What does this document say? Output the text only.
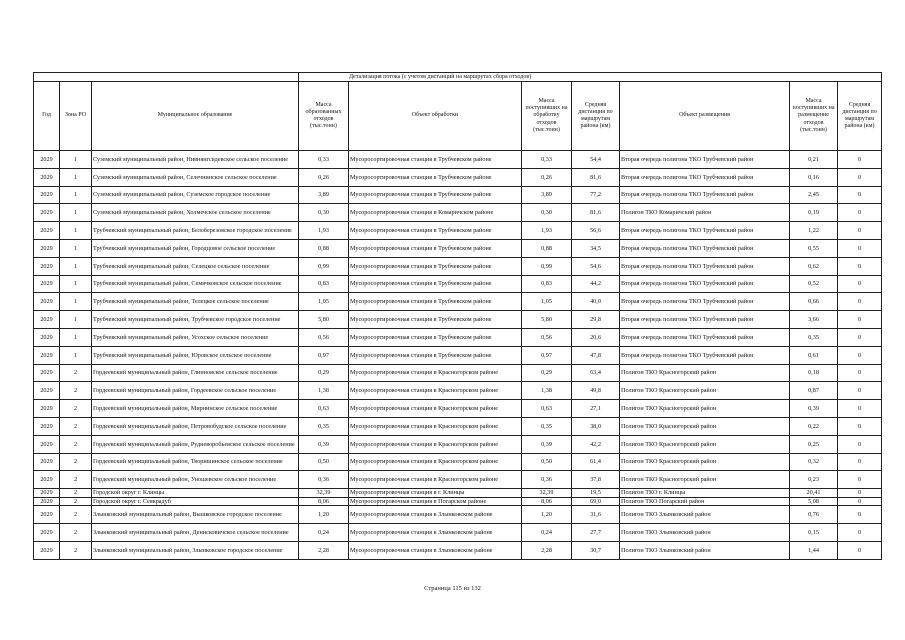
			Детализация потока (с учетом дистанций на маршрутах сбора отходов)						
Год	Зона РО	Муниципальное образование	Масса образованных отходов (тыс.тонн)	Объект обработки	Масса поступивших на обработку отходов (тыс.тонн)	Средняя дистанция по маршрутам района (км)	Объект размещения	Масса поступивших на размещение отходов (тыс.тонн)	Средняя дистанция по маршрутам района (км)
2029	1	Суземский муниципальный район, Нивнянгсвдевское сельское поселение	0,33	Мусоросортировочная станция в Трубчевском районе	0,33	54,4	Вторая очередь полигона ТКО Трубчевский район	0,21	0
2029	1	Суземский муниципальный район, Селечнинское сельское поселение	0,26	Мусоросортировочная станция в Трубчевском районе	0,26	81,6	Вторая очередь полигона ТКО Трубчевский район	0,16	0
2029	1	Суземский муниципальный район, Суземское городское поселение	3,89	Мусоросортировочная станция в Трубчевском районе	3,89	77,2	Вторая очередь полигона ТКО Трубчевский район	2,45	0
2029	1	Суземский муниципальный район, Холмечское сельское поселение	0,30	Мусоросортировочная станция в Комаричском районе	0,30	81,6	Полигон ТКО Комаричский район	0,19	0
2029	1	Трубчевский муниципальный район, Белоберезовское городское поселение	1,93	Мусоросортировочная станция в Трубчевском районе	1,93	56,6	Вторая очередь полигона ТКО Трубчевский район	1,22	0
2029	1	Трубчевский муниципальный район, Городцовое сельское поселение	0,88	Мусоросортировочная станция в Трубчевском районе	0,88	34,5	Вторая очередь полигона ТКО Трубчевский район	0,55	0
2029	1	Трубчевский муниципальный район, Селецкое сельское поселение	0,99	Мусоросортировочная станция в Трубчевском районе	0,99	54,6	Вторая очередь полигона ТКО Трубчевский район	0,62	0
2029	1	Трубчевский муниципальный район, Семячковское сельское поселение	0,83	Мусоросортировочная станция в Трубчевском районе	0,83	44,2	Вторая очередь полигона ТКО Трубчевский район	0,52	0
2029	1	Трубчевский муниципальный район, Телецкое сельское поселение	1,05	Мусоросортировочная станция в Трубчевском районе	1,05	40,0	Вторая очередь полигона ТКО Трубчевский район	0,66	0
2029	1	Трубчевский муниципальный район, Трубчевское городское поселение	5,80	Мусоросортировочная станция в Трубчевском районе	5,80	29,8	Вторая очередь полигона ТКО Трубчевский район	3,66	0
2029	1	Трубчевский муниципальный район, Усохское сельское поселение	0,56	Мусоросортировочная станция в Трубчевском районе	0,56	20,6	Вторая очередь полигона ТКО Трубчевский район	0,35	0
2029	1	Трубчевский муниципальный район, Юровское сельское поселение	0,97	Мусоросортировочная станция в Трубчевском районе	0,97	47,8	Вторая очередь полигона ТКО Трубчевский район	0,61	0
2029	2	Гордеевский муниципальный район, Глинновское сельское поселение	0,29	Мусоросортировочная станция в Красногорском районе	0,29	63,4	Полигон ТКО Красногорский район	0,18	0
2029	2	Гордеевский муниципальный район, Гордеевское сельское поселение	1,38	Мусоросортировочная станция в Красногорском районе	1,38	49,8	Полигон ТКО Красногорский район	0,87	0
2029	2	Гордеевский муниципальный район, Мирнинское сельское поселение	0,63	Мусоросортировочная станция в Красногорском районе	0,63	27,1	Полигон ТКО Красногорский район	0,39	0
2029	2	Гордеевский муниципальный район, Петровобудское сельское поселение	0,35	Мусоросортировочная станция в Красногорском районе	0,35	38,0	Полигон ТКО Красногорский район	0,22	0
2029	2	Гордеевский муниципальный район, Рудневоробьевское сельское поселение	0,39	Мусоросортировочная станция в Красногорском районе	0,39	42,2	Полигон ТКО Красногорский район	0,25	0
2029	2	Гордеевский муниципальный район, Творишинское сельское поселение	0,50	Мусоросортировочная станция в Красногорском районе	0,50	61,4	Полигон ТКО Красногорский район	0,32	0
2029	2	Гордеевский муниципальный район, Уношевское сельское поселение	0,36	Мусоросортировочная станция в Красногорском районе	0,36	37,8	Полигон ТКО Красногорский район	0,23	0
2029	2	Городской округ г. Клинцы	32,39	Мусоросортировочная станция в г. Клинцы	32,39	19,5	Полигон ТКО г. Клинцы	20,41	0
2029	2	Городской округ г. Сеякрадуб	8,06	Мусоросортировочная станция в Погарском районе	8,06	69,0	Полигон ТКО Погарский район	5,08	0
2029	2	Злынковский муниципальный район, Вышковское городское поселение	1,20	Мусоросортировочная станция в Злынковском районе	1,20	31,6	Полигон ТКО Злынковский район	0,76	0
2029	2	Злынковский муниципальный район, Денисковичское сельское поселение	0,24	Мусоросортировочная станция в Злынковском районе	0,24	27,7	Полигон ТКО Злынковский район	0,15	0
2029	2	Злынковский муниципальный район, Злынковское городское поселение	2,28	Мусоросортировочная станция в Злынковском районе	2,28	30,7	Полигон ТКО Злынковский район	1,44	0
Страница 115 из 132
